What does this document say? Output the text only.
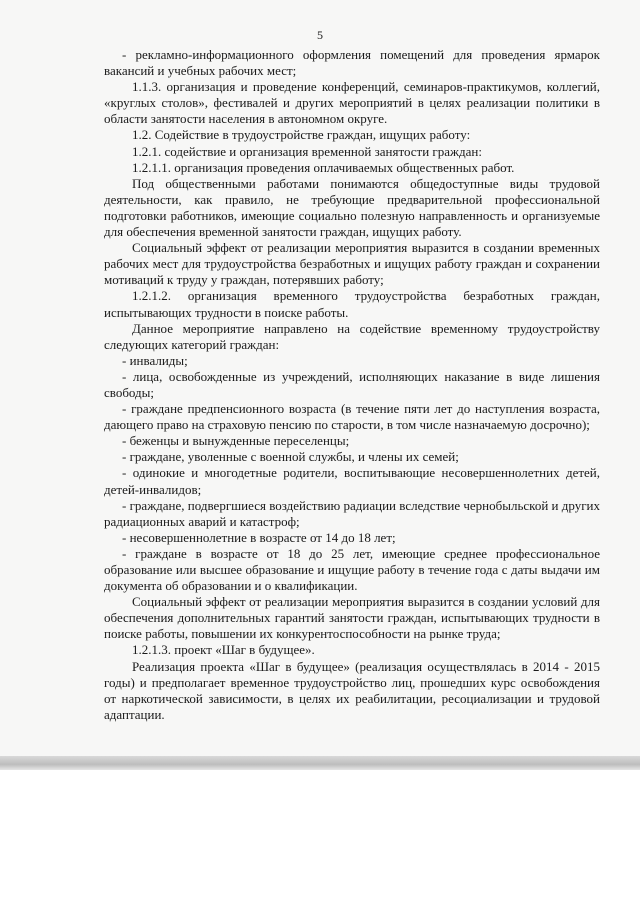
5

- рекламно-информационного оформления помещений для проведения ярмарок вакансий и учебных рабочих мест;

1.1.3. организация и проведение конференций, семинаров-практикумов, коллегий, «круглых столов», фестивалей и других мероприятий в целях реализации политики в области занятости населения в автономном округе.

1.2. Содействие в трудоустройстве граждан, ищущих работу:

1.2.1. содействие и организация временной занятости граждан:

1.2.1.1. организация проведения оплачиваемых общественных работ.

Под общественными работами понимаются общедоступные виды трудовой деятельности, как правило, не требующие предварительной профессиональной подготовки работников, имеющие социально полезную направленность и организуемые для обеспечения временной занятости граждан, ищущих работу.

Социальный эффект от реализации мероприятия выразится в создании временных рабочих мест для трудоустройства безработных и ищущих работу граждан и сохранении мотиваций к труду у граждан, потерявших работу;

1.2.1.2. организация временного трудоустройства безработных граждан, испытывающих трудности в поиске работы.

Данное мероприятие направлено на содействие временному трудоустройству следующих категорий граждан:

- инвалиды;

- лица, освобожденные из учреждений, исполняющих наказание в виде лишения свободы;

- граждане предпенсионного возраста (в течение пяти лет до наступления возраста, дающего право на страховую пенсию по старости, в том числе назначаемую досрочно);

- беженцы и вынужденные переселенцы;

- граждане, уволенные с военной службы, и члены их семей;

- одинокие и многодетные родители, воспитывающие несовершеннолетних детей, детей-инвалидов;

- граждане, подвергшиеся воздействию радиации вследствие чернобыльской и других радиационных аварий и катастроф;

- несовершеннолетние в возрасте от 14 до 18 лет;

- граждане в возрасте от 18 до 25 лет, имеющие среднее профессиональное образование или высшее образование и ищущие работу в течение года с даты выдачи им документа об образовании и о квалификации.

Социальный эффект от реализации мероприятия выразится в создании условий для обеспечения дополнительных гарантий занятости граждан, испытывающих трудности в поиске работы, повышении их конкурентоспособности на рынке труда;

1.2.1.3. проект «Шаг в будущее».

Реализация проекта «Шаг в будущее» (реализация осуществлялась в 2014 - 2015 годы) и предполагает временное трудоустройство лиц, прошедших курс освобождения от наркотической зависимости, в целях их реабилитации, ресоциализации и трудовой адаптации.
